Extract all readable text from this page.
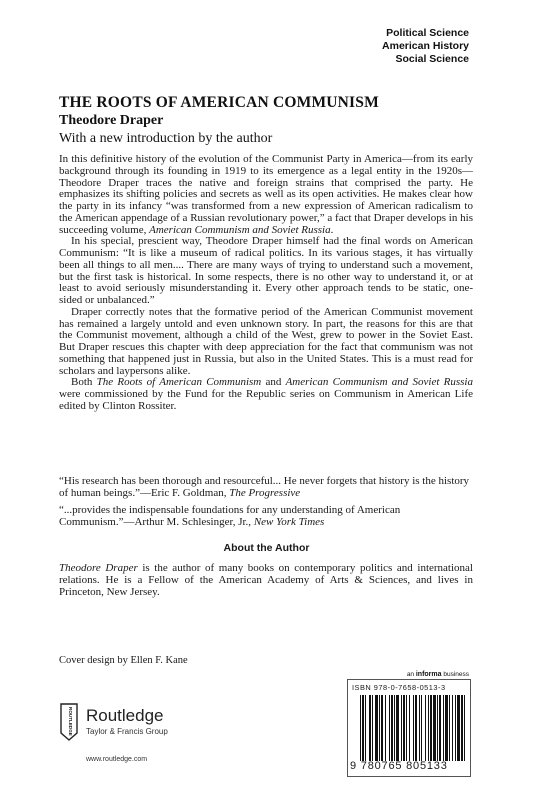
Political Science
American History
Social Science
THE ROOTS OF AMERICAN COMMUNISM
Theodore Draper
With a new introduction by the author

In this definitive history of the evolution of the Communist Party in America—from its early background through its founding in 1919 to its emergence as a legal entity in the 1920s—Theodore Draper traces the native and foreign strains that comprised the party. He emphasizes its shifting policies and secrets as well as its open activities. He makes clear how the party in its infancy “was transformed from a new expression of American radicalism to the American appendage of a Russian revolutionary power,” a fact that Draper develops in his succeeding volume, American Communism and Soviet Russia.

In his special, prescient way, Theodore Draper himself had the final words on American Communism: “It is like a museum of radical politics. In its various stages, it has virtually been all things to all men.... There are many ways of trying to understand such a movement, but the first task is historical. In some respects, there is no other way to understand it, or at least to avoid seriously misunderstanding it. Every other approach tends to be static, one-sided or unbalanced.”

Draper correctly notes that the formative period of the American Communist movement has remained a largely untold and even unknown story. In part, the reasons for this are that the Communist movement, although a child of the West, grew to power in the Soviet East. But Draper rescues this chapter with deep appreciation for the fact that communism was not something that happened just in Russia, but also in the United States. This is a must read for scholars and laypersons alike.

Both The Roots of American Communism and American Communism and Soviet Russia were commissioned by the Fund for the Republic series on Communism in American Life edited by Clinton Rossiter.

“His research has been thorough and resourceful... He never forgets that history is the history of human beings.”—Eric F. Goldman, The Progressive

“...provides the indispensable foundations for any understanding of American Communism.”—Arthur M. Schlesinger, Jr., New York Times

About the Author

Theodore Draper is the author of many books on contemporary politics and international relations. He is a Fellow of the American Academy of Arts & Sciences, and lives in Princeton, New Jersey.

Cover design by Ellen F. Kane
an informa business
ISBN 978-0-7658-0513-3
9 780765 805133
ROUTLEDGE Routledge
Taylor & Francis Group
www.routledge.com
